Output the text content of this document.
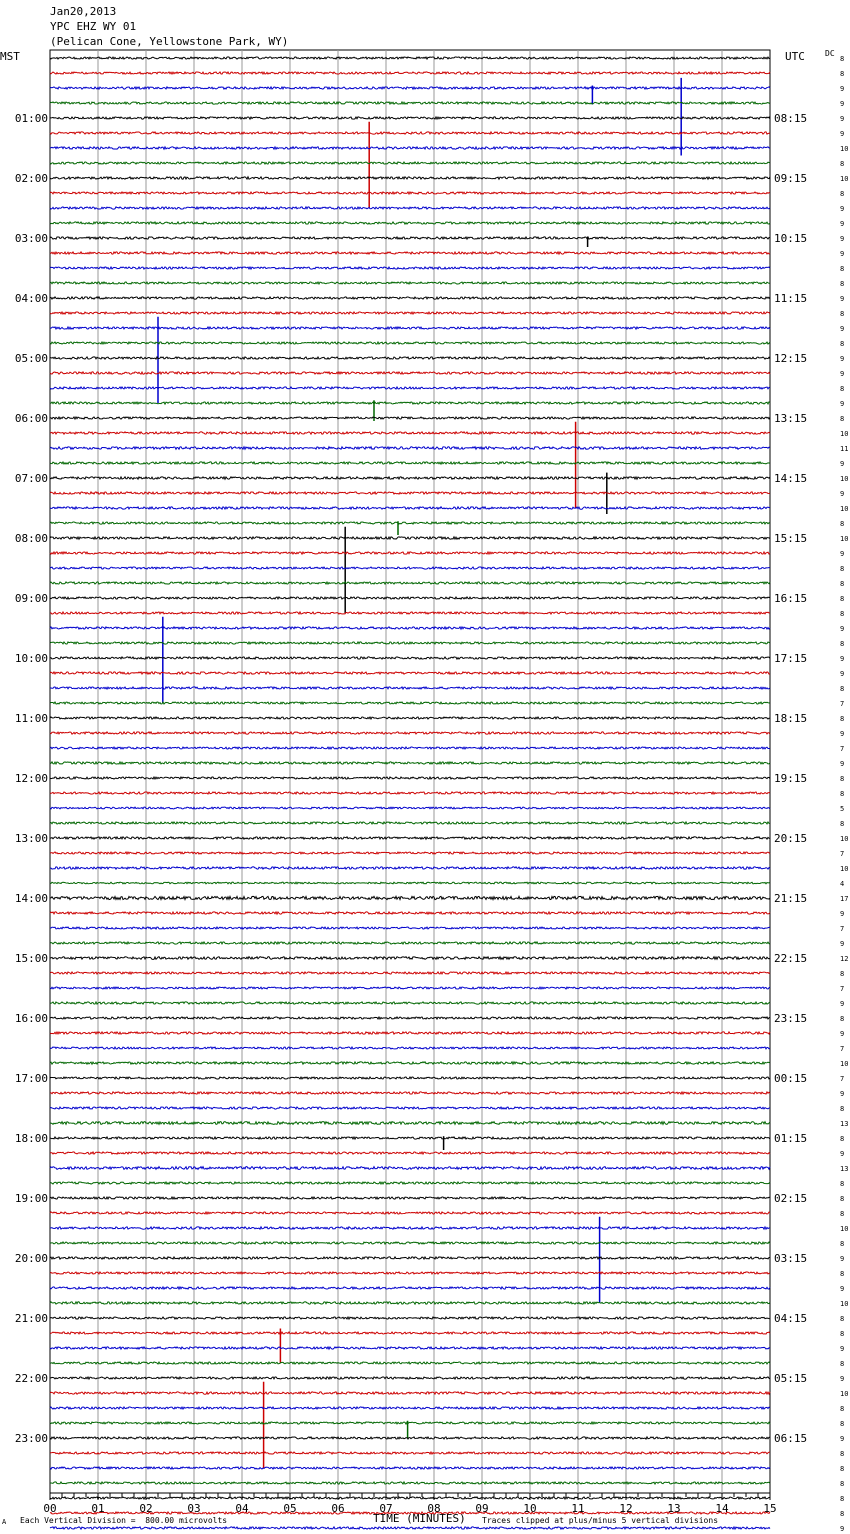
Jan20,2013
YPC EHZ WY 01
(Pelican Cone, Yellowstone Park, WY)
MST	UTC	DC
8
8
9
9
9
9
10
8
10
8
9
9
9
9
8
8
9
8
9
8
9
9
8
9
8
10
11
9
10
9
10
8
10
9
8
8
8
8
9
8
9
9
8
7
8
9
7
9
8
8
5
8
10
7
10
4
17
9
7
9
12
8
7
9
8
9
7
10
7
9
8
13
8
9
13
8
8
8
10
8
9
8
9
10
8
8
9
8
9
10
8
8
9
8
8
8
8
8
9
01:00
02:00
03:00
04:00
05:00
06:00
07:00
08:00
09:00
10:00
11:00
12:00
13:00
14:00
15:00
16:00
17:00
18:00
19:00
20:00
21:00
22:00
23:00
08:15
09:15
10:15
11:15
12:15
13:15
14:15
15:15
16:15
17:15
18:15
19:15
20:15
21:15
22:15
23:15
00:15
01:15
02:15
03:15
04:15
05:15
06:15
00	01	02	03	04	05	06	07	08	09	10	11	12	13	14	15
TIME (MINUTES)
A Each Vertical Division =  800.00 microvolts	Traces clipped at plus/minus 5 vertical divisions
